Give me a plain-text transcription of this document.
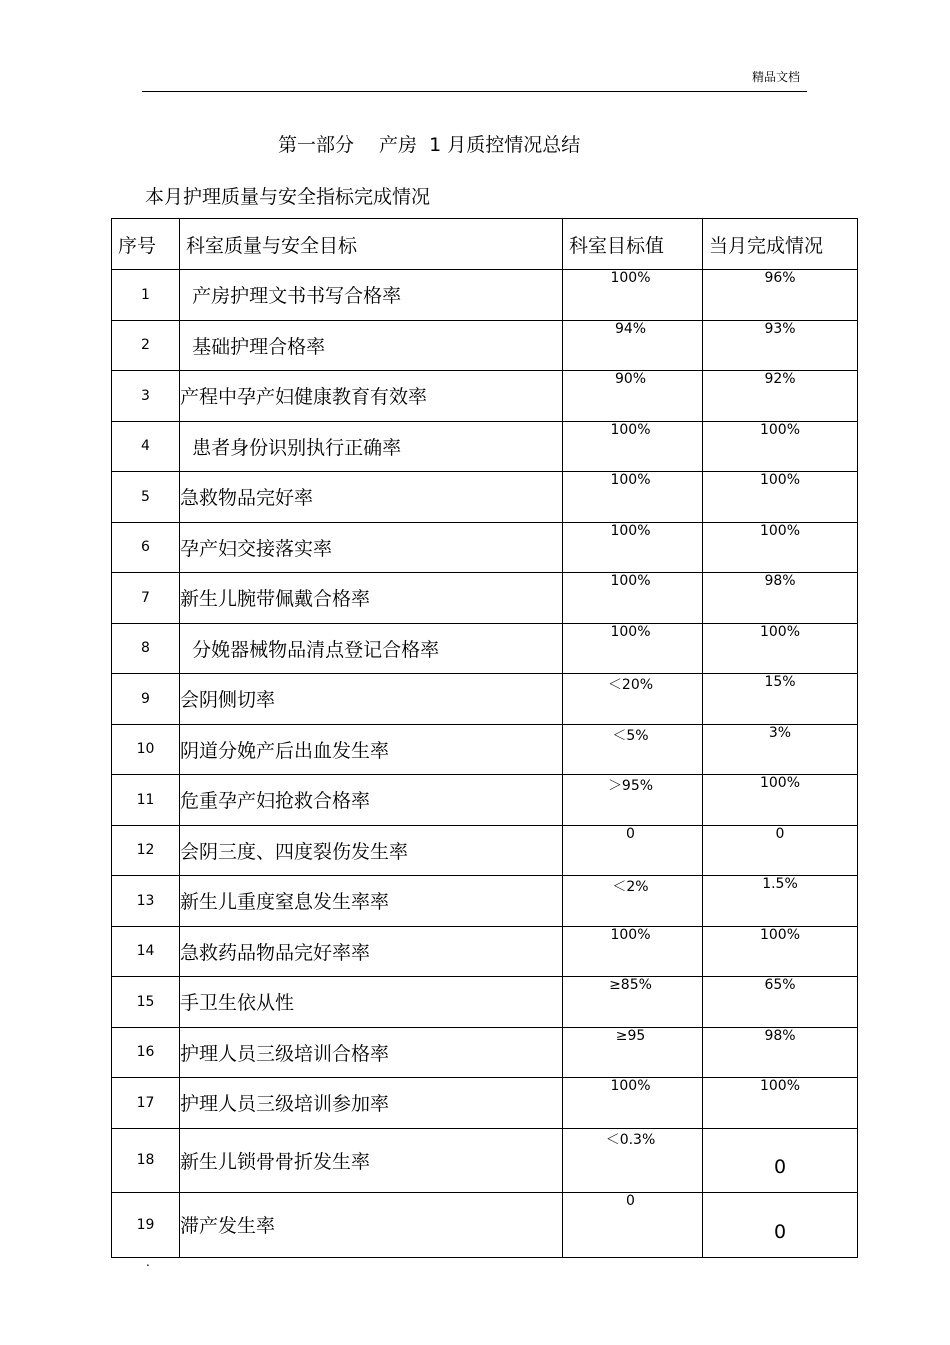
精品文档
第一部分　 产房  1 月质控情况总结
本月护理质量与安全指标完成情况
序号	科室质量与安全目标	科室目标值	当月完成情况
1	产房护理文书书写合格率	100%	96%
2	基础护理合格率	94%	93%
3	产程中孕产妇健康教育有效率	90%	92%
4	患者身份识别执行正确率	100%	100%
5	急救物品完好率	100%	100%
6	孕产妇交接落实率	100%	100%
7	新生儿腕带佩戴合格率	100%	98%
8	分娩器械物品清点登记合格率	100%	100%
9	会阴侧切率	＜20%	15%
10	阴道分娩产后出血发生率	＜5%	3%
11	危重孕产妇抢救合格率	＞95%	100%
12	会阴三度、四度裂伤发生率	0	0
13	新生儿重度窒息发生率率	＜2%	1.5%
14	急救药品物品完好率率	100%	100%
15	手卫生依从性	≥85%	65%
16	护理人员三级培训合格率	≥95	98%
17	护理人员三级培训参加率	100%	100%
18	新生儿锁骨骨折发生率	＜0.3%	0
19	滞产发生率	0	0
.
